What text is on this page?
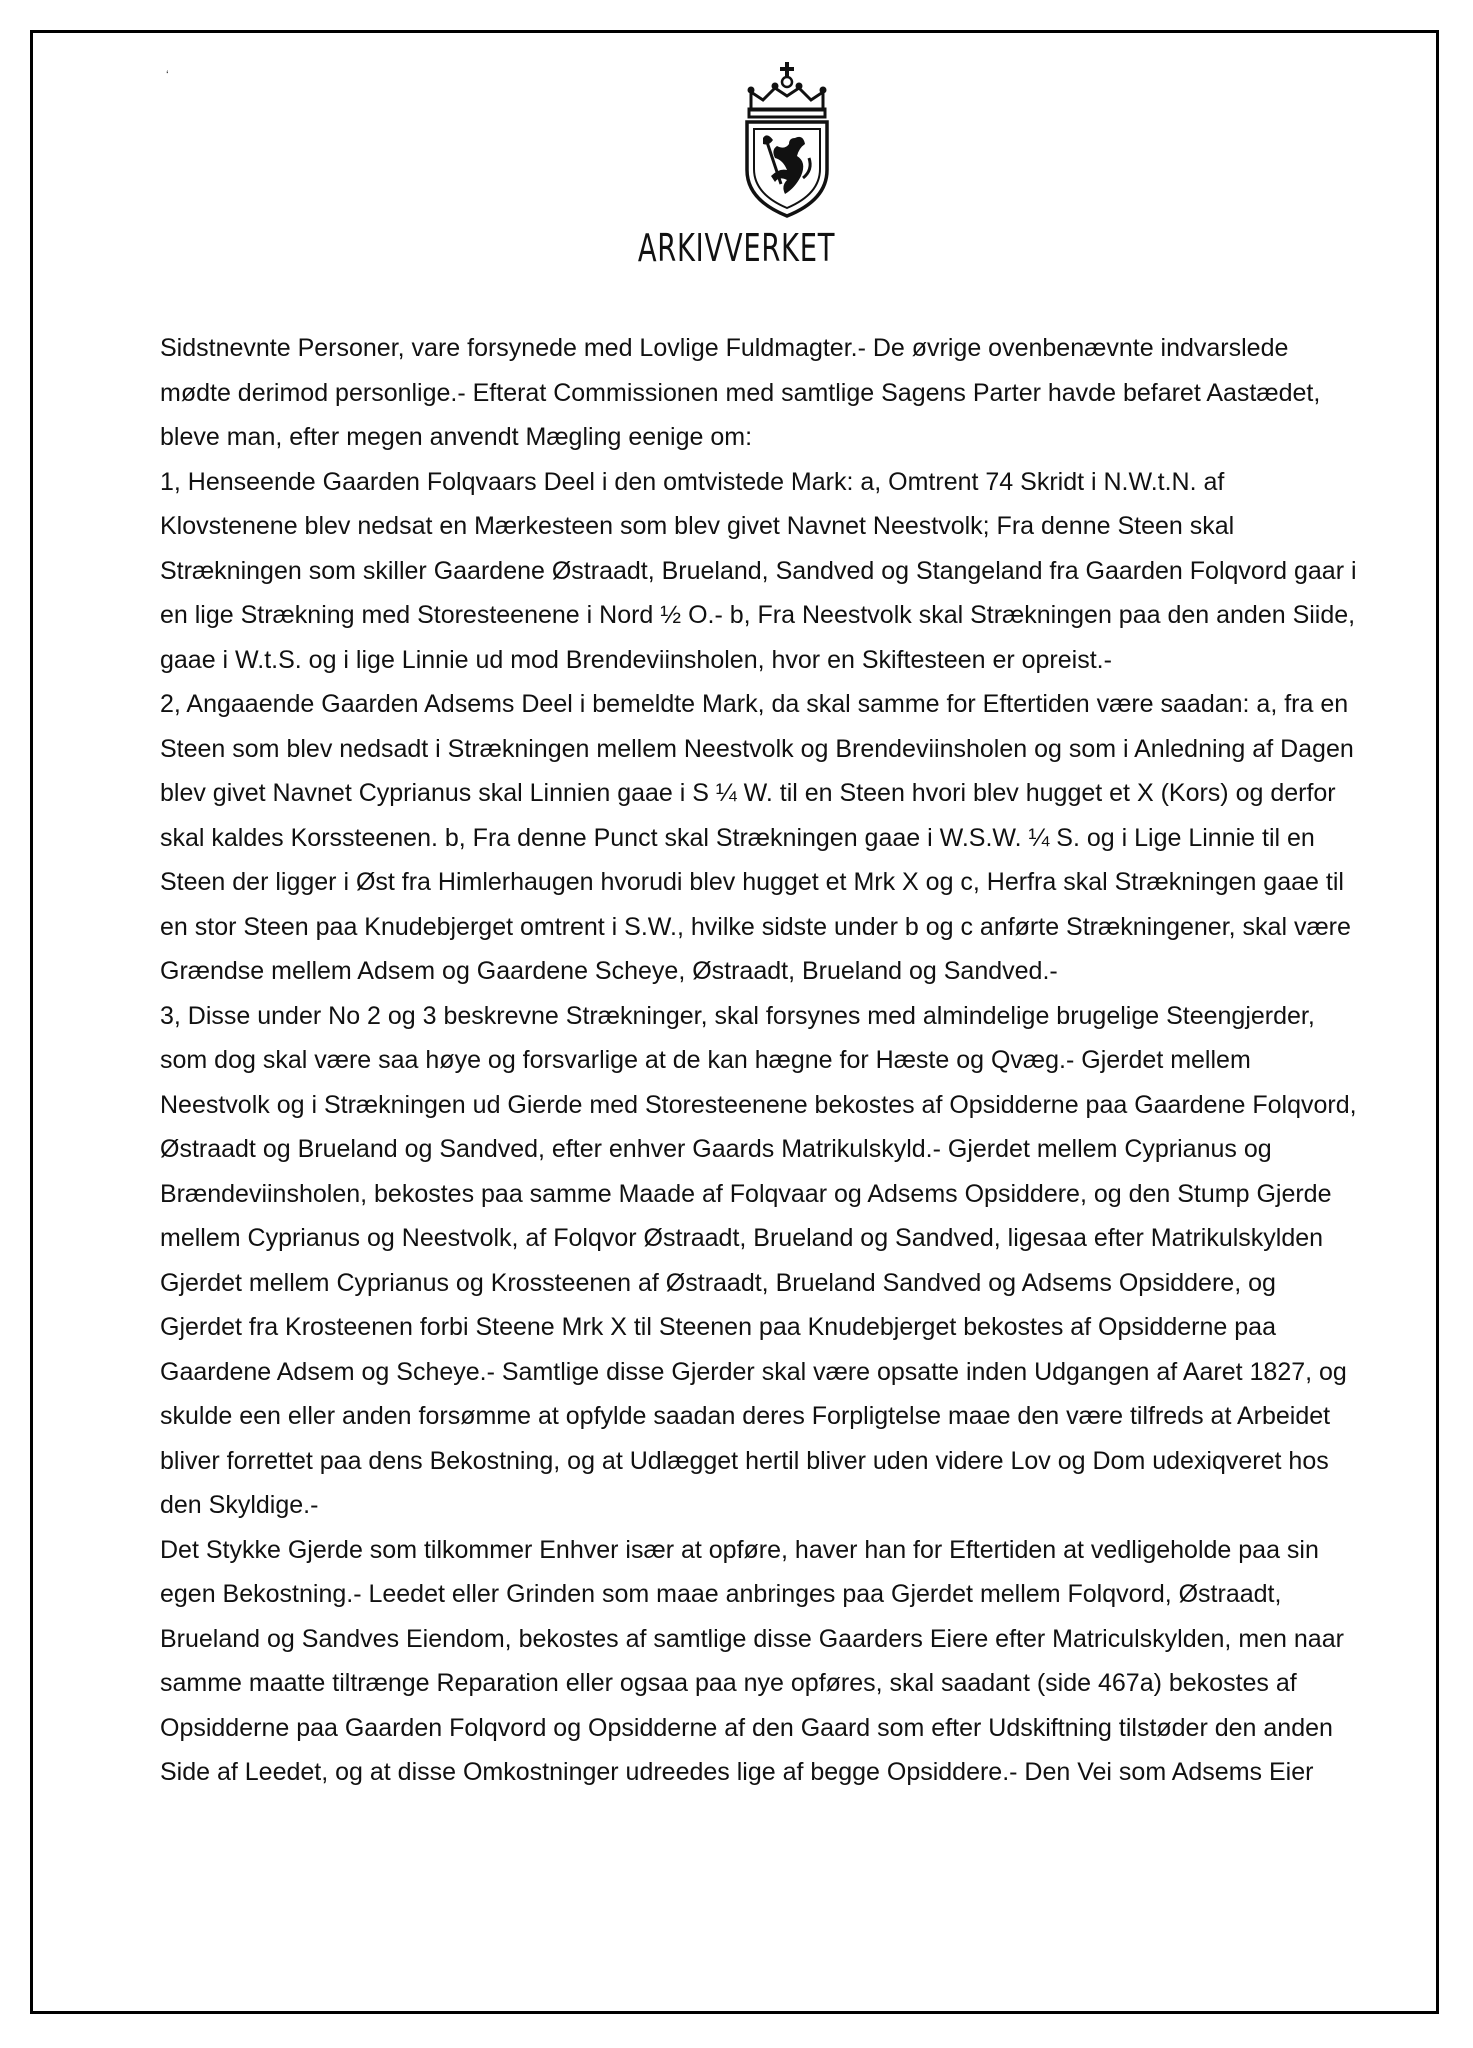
‘
ARKIVVERKET
Sidstnevnte Personer, vare forsynede med Lovlige Fuldmagter.- De øvrige ovenbenævnte indvarslede
mødte derimod personlige.- Efterat Commissionen med samtlige Sagens Parter havde befaret Aastædet,
bleve man, efter megen anvendt Mægling eenige om:
1, Henseende Gaarden Folqvaars Deel i den omtvistede Mark: a, Omtrent 74 Skridt i N.W.t.N. af
Klovstenene blev nedsat en Mærkesteen som blev givet Navnet Neestvolk; Fra denne Steen skal
Strækningen som skiller Gaardene Østraadt, Brueland, Sandved og Stangeland fra Gaarden Folqvord gaar i
en lige Strækning med Storesteenene i Nord ½ O.- b, Fra Neestvolk skal Strækningen paa den anden Siide,
gaae i W.t.S. og i lige Linnie ud mod Brendeviinsholen, hvor en Skiftesteen er opreist.-
2, Angaaende Gaarden Adsems Deel i bemeldte Mark, da skal samme for Eftertiden være saadan: a, fra en
Steen som blev nedsadt i Strækningen mellem Neestvolk og Brendeviinsholen og som i Anledning af Dagen
blev givet Navnet Cyprianus skal Linnien gaae i S ¼ W. til en Steen hvori blev hugget et X (Kors) og derfor
skal kaldes Korssteenen. b, Fra denne Punct skal Strækningen gaae i W.S.W. ¼ S. og i Lige Linnie til en
Steen der ligger i Øst fra Himlerhaugen hvorudi blev hugget et Mrk X og c, Herfra skal Strækningen gaae til
en stor Steen paa Knudebjerget omtrent i S.W., hvilke sidste under b og c anførte Strækningener, skal være
Grændse mellem Adsem og Gaardene Scheye, Østraadt, Brueland og Sandved.-
3, Disse under No 2 og 3 beskrevne Strækninger, skal forsynes med almindelige brugelige Steengjerder,
som dog skal være saa høye og forsvarlige at de kan hægne for Hæste og Qvæg.- Gjerdet mellem
Neestvolk og i Strækningen ud Gierde med Storesteenene bekostes af Opsidderne paa Gaardene Folqvord,
Østraadt og Brueland og Sandved, efter enhver Gaards Matrikulskyld.- Gjerdet mellem Cyprianus og
Brændeviinsholen, bekostes paa samme Maade af Folqvaar og Adsems Opsiddere, og den Stump Gjerde
mellem Cyprianus og Neestvolk, af Folqvor Østraadt, Brueland og Sandved, ligesaa efter Matrikulskylden
Gjerdet mellem Cyprianus og Krossteenen af Østraadt, Brueland Sandved og Adsems Opsiddere, og
Gjerdet fra Krosteenen forbi Steene Mrk X til Steenen paa Knudebjerget bekostes af Opsidderne paa
Gaardene Adsem og Scheye.- Samtlige disse Gjerder skal være opsatte inden Udgangen af Aaret 1827, og
skulde een eller anden forsømme at opfylde saadan deres Forpligtelse maae den være tilfreds at Arbeidet
bliver forrettet paa dens Bekostning, og at Udlægget hertil bliver uden videre Lov og Dom udexiqveret hos
den Skyldige.-
Det Stykke Gjerde som tilkommer Enhver især at opføre, haver han for Eftertiden at vedligeholde paa sin
egen Bekostning.- Leedet eller Grinden som maae anbringes paa Gjerdet mellem Folqvord, Østraadt,
Brueland og Sandves Eiendom, bekostes af samtlige disse Gaarders Eiere efter Matriculskylden, men naar
samme maatte tiltrænge Reparation eller ogsaa paa nye opføres, skal saadant (side 467a) bekostes af
Opsidderne paa Gaarden Folqvord og Opsidderne af den Gaard som efter Udskiftning tilstøder den anden
Side af Leedet, og at disse Omkostninger udreedes lige af begge Opsiddere.- Den Vei som Adsems Eier
